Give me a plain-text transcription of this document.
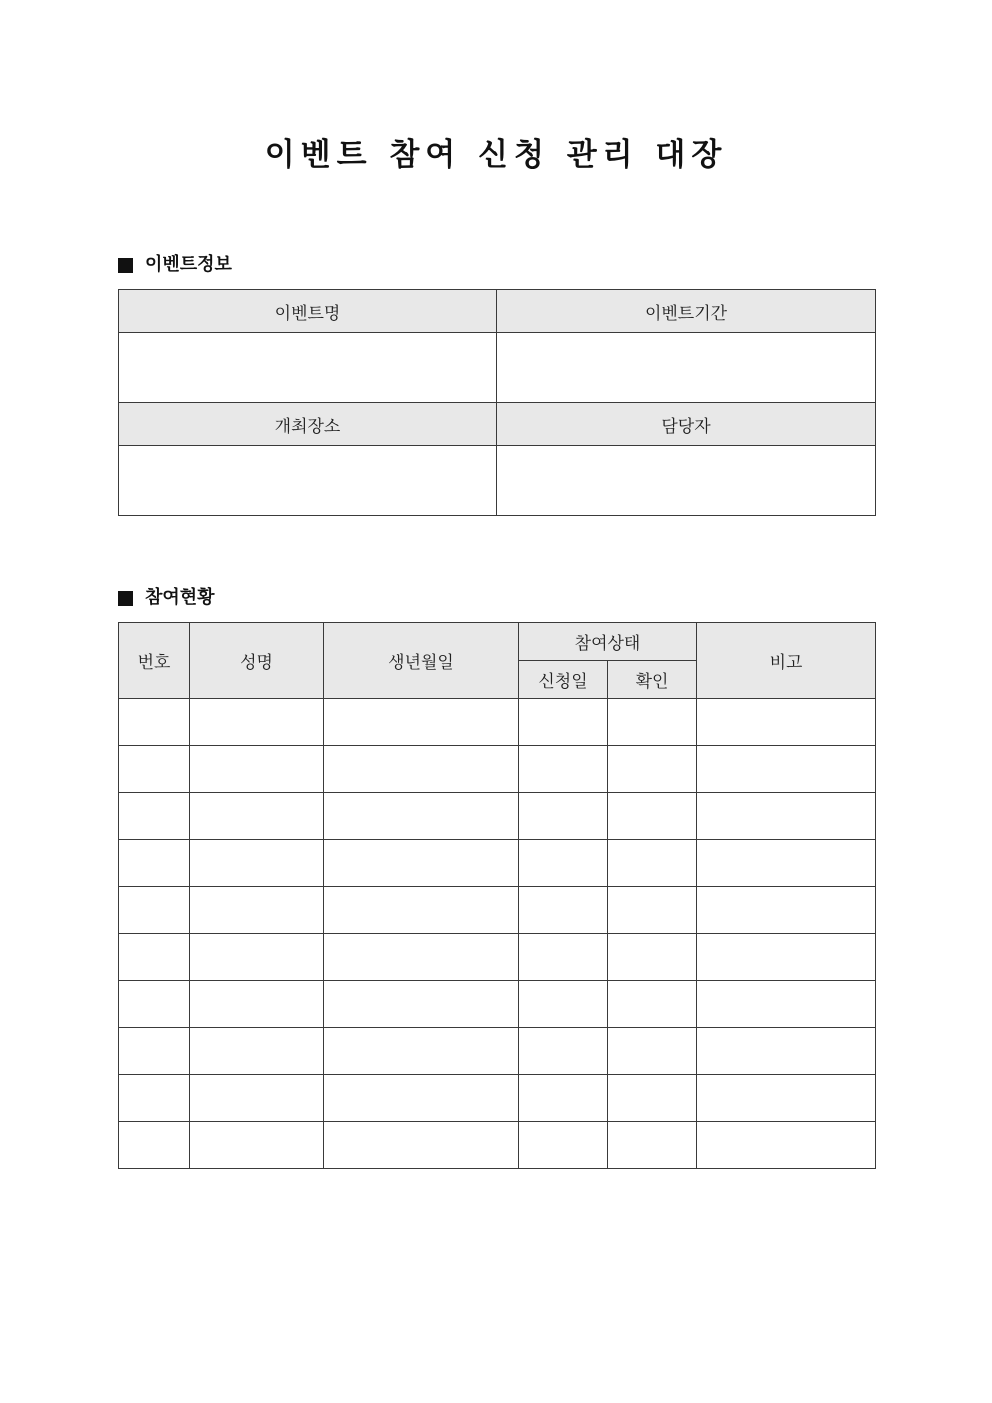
이벤트 참여 신청 관리 대장
이벤트정보
이벤트명	이벤트기간

개최장소	담당자

참여현황
번호	성명	생년월일	참여상태		비고
			신청일	확인	
